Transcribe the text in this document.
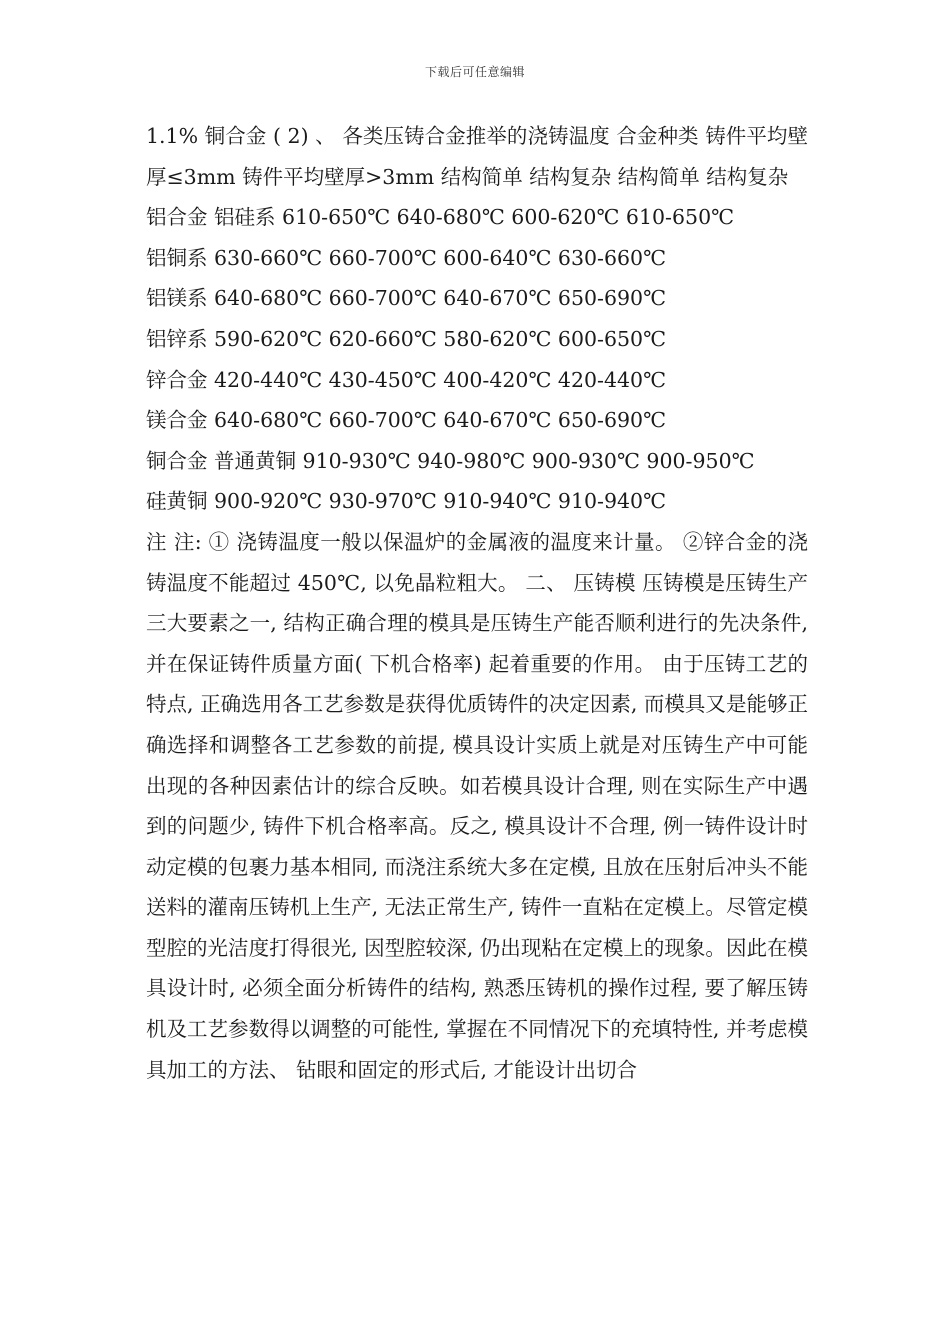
下载后可任意编辑

1.1% 铜合金 ( 2) 、 各类压铸合金推举的浇铸温度 合金种类 铸件平均壁厚≤3mm 铸件平均壁厚>3mm 结构简单 结构复杂 结构简单 结构复杂

铝合金 铝硅系 610-650℃ 640-680℃ 600-620℃ 610-650℃
铝铜系 630-660℃ 660-700℃ 600-640℃ 630-660℃
铝镁系 640-680℃ 660-700℃ 640-670℃ 650-690℃
铝锌系 590-620℃ 620-660℃ 580-620℃ 600-650℃
锌合金 420-440℃ 430-450℃ 400-420℃ 420-440℃
镁合金 640-680℃ 660-700℃ 640-670℃ 650-690℃
铜合金 普通黄铜 910-930℃ 940-980℃ 900-930℃ 900-950℃
硅黄铜 900-920℃ 930-970℃ 910-940℃ 910-940℃

注 注: ① 浇铸温度一般以保温炉的金属液的温度来计量。 ②锌合金的浇铸温度不能超过 450℃, 以免晶粒粗大。 二、 压铸模 压铸模是压铸生产三大要素之一, 结构正确合理的模具是压铸生产能否顺利进行的先决条件, 并在保证铸件质量方面( 下机合格率) 起着重要的作用。 由于压铸工艺的特点, 正确选用各工艺参数是获得优质铸件的决定因素, 而模具又是能够正确选择和调整各工艺参数的前提, 模具设计实质上就是对压铸生产中可能出现的各种因素估计的综合反映。如若模具设计合理, 则在实际生产中遇到的问题少, 铸件下机合格率高。反之, 模具设计不合理, 例一铸件设计时动定模的包裹力基本相同, 而浇注系统大多在定模, 且放在压射后冲头不能送料的灌南压铸机上生产, 无法正常生产, 铸件一直粘在定模上。尽管定模型腔的光洁度打得很光, 因型腔较深, 仍出现粘在定模上的现象。因此在模具设计时, 必须全面分析铸件的结构, 熟悉压铸机的操作过程, 要了解压铸机及工艺参数得以调整的可能性, 掌握在不同情况下的充填特性, 并考虑模具加工的方法、 钻眼和固定的形式后, 才能设计出切合
